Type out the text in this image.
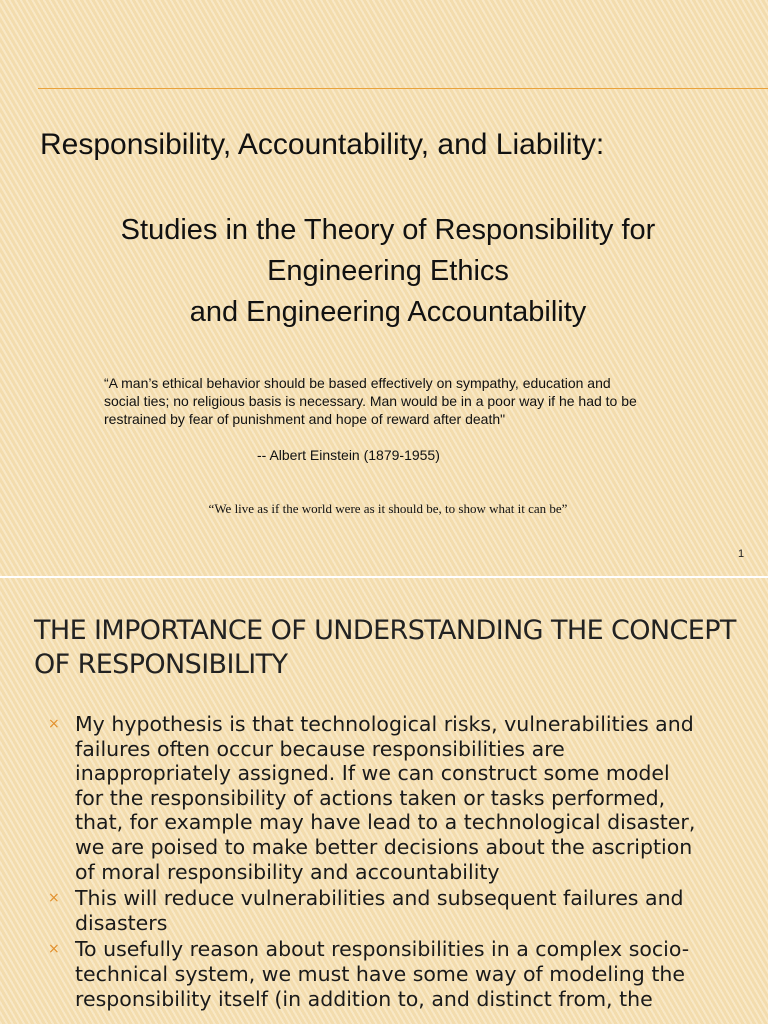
Responsibility, Accountability, and Liability:
Studies in the Theory of Responsibility for
Engineering Ethics
and Engineering Accountability
“A man’s ethical behavior should be based effectively on sympathy, education and
social ties; no religious basis is necessary. Man would be in a poor way if he had to be
restrained by fear of punishment and hope of reward after death"
-- Albert Einstein (1879-1955)
“We live as if the world were as it should be, to show what it can be”
1
THE IMPORTANCE OF UNDERSTANDING THE CONCEPT
OF RESPONSIBILITY
× My hypothesis is that technological risks, vulnerabilities and
failures often occur because responsibilities are
inappropriately assigned. If we can construct some model
for the responsibility of actions taken or tasks performed,
that, for example may have lead to a technological disaster,
we are poised to make better decisions about the ascription
of moral responsibility and accountability
× This will reduce vulnerabilities and subsequent failures and
disasters
× To usefully reason about responsibilities in a complex socio-
technical system, we must have some way of modeling the
responsibility itself (in addition to, and distinct from, the
